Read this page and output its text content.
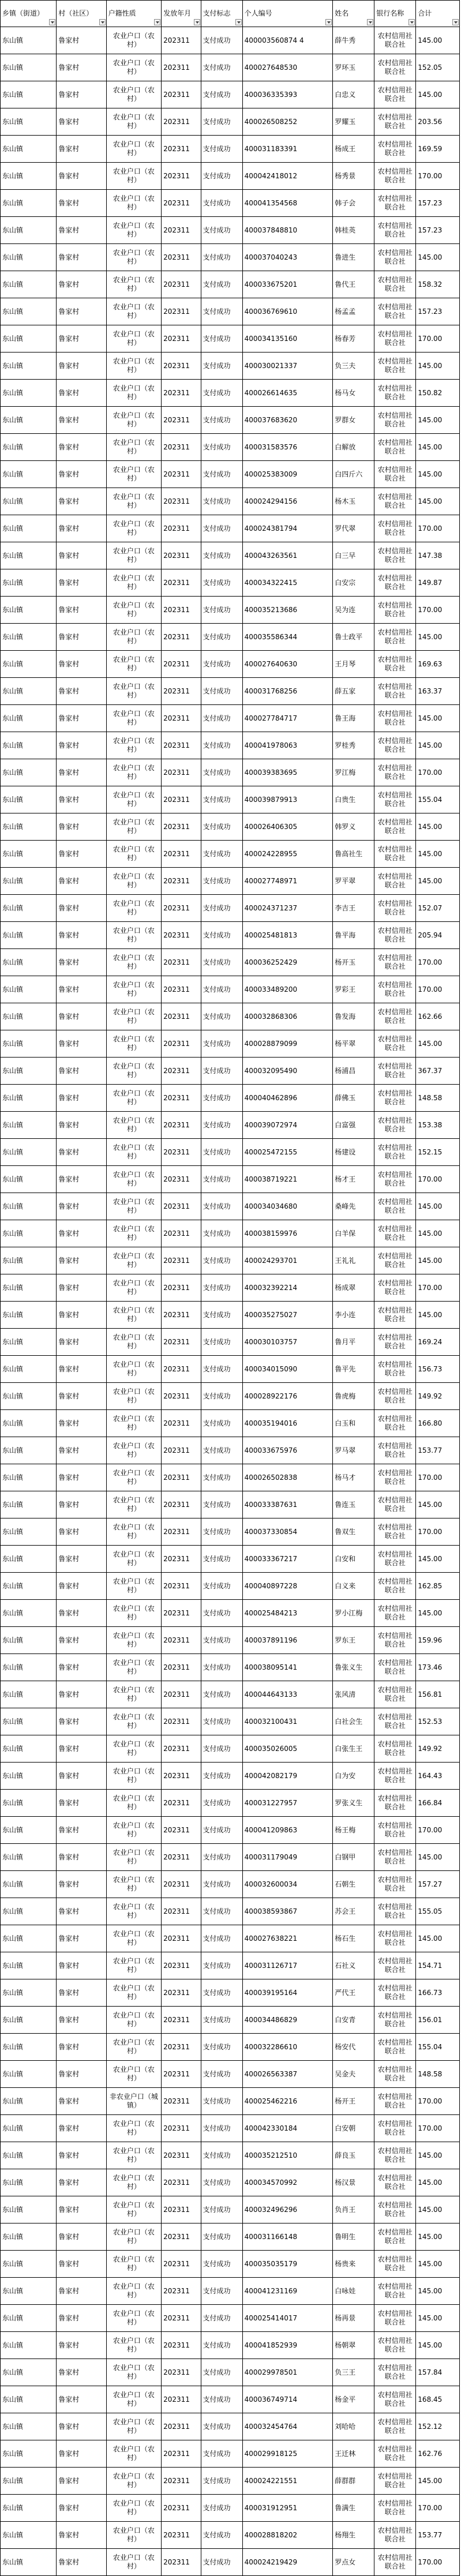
乡镇（街道）	村（社区）	户籍性质	发放年月	支付标志	个人编号	姓名	银行名称	合计

东山镇	鲁家村	农业户口（农村）	202311	支付成功	400003560874 4	薛牛秀	农村信用社联合社	145.00
东山镇	鲁家村	农业户口（农村）	202311	支付成功	400027648530	罗环玉	农村信用社联合社	152.05
东山镇	鲁家村	农业户口（农村）	202311	支付成功	400036335393	白忠义	农村信用社联合社	145.00
东山镇	鲁家村	农业户口（农村）	202311	支付成功	400026508252	罗耀玉	农村信用社联合社	203.56
东山镇	鲁家村	农业户口（农村）	202311	支付成功	400031183391	杨成王	农村信用社联合社	169.59
东山镇	鲁家村	农业户口（农村）	202311	支付成功	400042418012	杨秀景	农村信用社联合社	170.00
东山镇	鲁家村	农业户口（农村）	202311	支付成功	400041354568	韩子会	农村信用社联合社	157.23
东山镇	鲁家村	农业户口（农村）	202311	支付成功	400037848810	韩桂英	农村信用社联合社	157.23
东山镇	鲁家村	农业户口（农村）	202311	支付成功	400037040243	鲁进生	农村信用社联合社	145.00
东山镇	鲁家村	农业户口（农村）	202311	支付成功	400033675201	鲁代王	农村信用社联合社	158.32
东山镇	鲁家村	农业户口（农村）	202311	支付成功	400036769610	杨孟孟	农村信用社联合社	157.23
东山镇	鲁家村	农业户口（农村）	202311	支付成功	400034135160	杨春芳	农村信用社联合社	170.00
东山镇	鲁家村	农业户口（农村）	202311	支付成功	400030021337	负三夫	农村信用社联合社	145.00
东山镇	鲁家村	农业户口（农村）	202311	支付成功	400026614635	杨马女	农村信用社联合社	150.82
东山镇	鲁家村	农业户口（农村）	202311	支付成功	400037683620	罗群女	农村信用社联合社	145.00
东山镇	鲁家村	农业户口（农村）	202311	支付成功	400031583576	白解放	农村信用社联合社	145.00
东山镇	鲁家村	农业户口（农村）	202311	支付成功	400025383009	白四斤六	农村信用社联合社	145.00
东山镇	鲁家村	农业户口（农村）	202311	支付成功	400024294156	杨木玉	农村信用社联合社	145.00
东山镇	鲁家村	农业户口（农村）	202311	支付成功	400024381794	罗代翠	农村信用社联合社	170.00
东山镇	鲁家村	农业户口（农村）	202311	支付成功	400043263561	白三早	农村信用社联合社	147.38
东山镇	鲁家村	农业户口（农村）	202311	支付成功	400034322415	白安宗	农村信用社联合社	149.87
东山镇	鲁家村	农业户口（农村）	202311	支付成功	400035213686	吴为连	农村信用社联合社	170.00
东山镇	鲁家村	农业户口（农村）	202311	支付成功	400035586344	鲁士政平	农村信用社联合社	145.00
东山镇	鲁家村	农业户口（农村）	202311	支付成功	400027640630	王月琴	农村信用社联合社	169.63
东山镇	鲁家村	农业户口（农村）	202311	支付成功	400031768256	薛五家	农村信用社联合社	163.37
东山镇	鲁家村	农业户口（农村）	202311	支付成功	400027784717	鲁王海	农村信用社联合社	145.00
东山镇	鲁家村	农业户口（农村）	202311	支付成功	400041978063	罗桂秀	农村信用社联合社	145.00
东山镇	鲁家村	农业户口（农村）	202311	支付成功	400039383695	罗江梅	农村信用社联合社	170.00
东山镇	鲁家村	农业户口（农村）	202311	支付成功	400039879913	白贵生	农村信用社联合社	155.04
东山镇	鲁家村	农业户口（农村）	202311	支付成功	400026406305	韩罗义	农村信用社联合社	145.00
东山镇	鲁家村	农业户口（农村）	202311	支付成功	400024228955	鲁高社生	农村信用社联合社	145.00
东山镇	鲁家村	农业户口（农村）	202311	支付成功	400027748971	罗平翠	农村信用社联合社	145.00
东山镇	鲁家村	农业户口（农村）	202311	支付成功	400024371237	李吉王	农村信用社联合社	152.07
东山镇	鲁家村	农业户口（农村）	202311	支付成功	400025481813	鲁平海	农村信用社联合社	205.94
东山镇	鲁家村	农业户口（农村）	202311	支付成功	400036252429	杨开玉	农村信用社联合社	170.00
东山镇	鲁家村	农业户口（农村）	202311	支付成功	400033489200	罗彩王	农村信用社联合社	170.00
东山镇	鲁家村	农业户口（农村）	202311	支付成功	400032868306	鲁发海	农村信用社联合社	162.66
东山镇	鲁家村	农业户口（农村）	202311	支付成功	400028879099	杨平翠	农村信用社联合社	145.00
东山镇	鲁家村	农业户口（农村）	202311	支付成功	400032095490	杨浦昌	农村信用社联合社	367.37
东山镇	鲁家村	农业户口（农村）	202311	支付成功	400040462896	薛佛玉	农村信用社联合社	148.58
东山镇	鲁家村	农业户口（农村）	202311	支付成功	400039072974	白富强	农村信用社联合社	153.38
东山镇	鲁家村	农业户口（农村）	202311	支付成功	400025472155	杨建设	农村信用社联合社	152.15
东山镇	鲁家村	农业户口（农村）	202311	支付成功	400038719221	杨才王	农村信用社联合社	170.00
东山镇	鲁家村	农业户口（农村）	202311	支付成功	400034034680	桑峰先	农村信用社联合社	145.00
东山镇	鲁家村	农业户口（农村）	202311	支付成功	400038159976	白羊保	农村信用社联合社	145.00
东山镇	鲁家村	农业户口（农村）	202311	支付成功	400024293701	王礼礼	农村信用社联合社	145.00
东山镇	鲁家村	农业户口（农村）	202311	支付成功	400032392214	杨成翠	农村信用社联合社	170.00
东山镇	鲁家村	农业户口（农村）	202311	支付成功	400035275027	李小连	农村信用社联合社	145.00
东山镇	鲁家村	农业户口（农村）	202311	支付成功	400030103757	鲁月平	农村信用社联合社	169.24
东山镇	鲁家村	农业户口（农村）	202311	支付成功	400034015090	鲁平先	农村信用社联合社	156.73
东山镇	鲁家村	农业户口（农村）	202311	支付成功	400028922176	鲁虎梅	农村信用社联合社	149.92
东山镇	鲁家村	农业户口（农村）	202311	支付成功	400035194016	白玉和	农村信用社联合社	166.80
东山镇	鲁家村	农业户口（农村）	202311	支付成功	400033675976	罗马翠	农村信用社联合社	153.77
东山镇	鲁家村	农业户口（农村）	202311	支付成功	400026502838	杨马才	农村信用社联合社	170.00
东山镇	鲁家村	农业户口（农村）	202311	支付成功	400033387631	鲁连玉	农村信用社联合社	145.00
东山镇	鲁家村	农业户口（农村）	202311	支付成功	400037330854	鲁双生	农村信用社联合社	170.00
东山镇	鲁家村	农业户口（农村）	202311	支付成功	400033367217	白安和	农村信用社联合社	145.00
东山镇	鲁家村	农业户口（农村）	202311	支付成功	400040897228	白义来	农村信用社联合社	162.85
东山镇	鲁家村	农业户口（农村）	202311	支付成功	400025484213	罗小江梅	农村信用社联合社	145.00
东山镇	鲁家村	农业户口（农村）	202311	支付成功	400037891196	罗东王	农村信用社联合社	159.96
东山镇	鲁家村	农业户口（农村）	202311	支付成功	400038095141	鲁张义生	农村信用社联合社	173.46
东山镇	鲁家村	农业户口（农村）	202311	支付成功	400044643133	张风清	农村信用社联合社	156.81
东山镇	鲁家村	农业户口（农村）	202311	支付成功	400032100431	白社会生	农村信用社联合社	152.53
东山镇	鲁家村	农业户口（农村）	202311	支付成功	400035026005	白张生王	农村信用社联合社	149.92
东山镇	鲁家村	农业户口（农村）	202311	支付成功	400042082179	白为安	农村信用社联合社	164.43
东山镇	鲁家村	农业户口（农村）	202311	支付成功	400031227957	罗张义生	农村信用社联合社	166.84
东山镇	鲁家村	农业户口（农村）	202311	支付成功	400041209863	杨王梅	农村信用社联合社	170.00
东山镇	鲁家村	农业户口（农村）	202311	支付成功	400031179049	白钢甲	农村信用社联合社	145.00
东山镇	鲁家村	农业户口（农村）	202311	支付成功	400032600034	石朝生	农村信用社联合社	157.27
东山镇	鲁家村	农业户口（农村）	202311	支付成功	400038593867	苏会王	农村信用社联合社	155.05
东山镇	鲁家村	农业户口（农村）	202311	支付成功	400027638221	杨石生	农村信用社联合社	145.00
东山镇	鲁家村	农业户口（农村）	202311	支付成功	400031126717	石社义	农村信用社联合社	154.71
东山镇	鲁家村	农业户口（农村）	202311	支付成功	400039195164	严代王	农村信用社联合社	166.73
东山镇	鲁家村	农业户口（农村）	202311	支付成功	400034486829	白安青	农村信用社联合社	156.01
东山镇	鲁家村	农业户口（农村）	202311	支付成功	400032286610	杨安代	农村信用社联合社	155.04
东山镇	鲁家村	农业户口（农村）	202311	支付成功	400026563387	吴金夫	农村信用社联合社	148.58
东山镇	鲁家村	非农业户口（城镇）	202311	支付成功	400025462216	杨开王	农村信用社联合社	170.00
东山镇	鲁家村	农业户口（农村）	202311	支付成功	400042330184	白安朝	农村信用社联合社	170.00
东山镇	鲁家村	农业户口（农村）	202311	支付成功	400035212510	薛良玉	农村信用社联合社	145.00
东山镇	鲁家村	农业户口（农村）	202311	支付成功	400034570992	杨汉景	农村信用社联合社	145.00
东山镇	鲁家村	农业户口（农村）	202311	支付成功	400032496296	负肖王	农村信用社联合社	145.00
东山镇	鲁家村	农业户口（农村）	202311	支付成功	400031166148	鲁明生	农村信用社联合社	145.00
东山镇	鲁家村	农业户口（农村）	202311	支付成功	400035035179	杨贵来	农村信用社联合社	145.00
东山镇	鲁家村	农业户口（农村）	202311	支付成功	400041231169	白咏娃	农村信用社联合社	145.00
东山镇	鲁家村	农业户口（农村）	202311	支付成功	400025414017	杨再景	农村信用社联合社	145.00
东山镇	鲁家村	农业户口（农村）	202311	支付成功	400041852939	杨朝翠	农村信用社联合社	145.00
东山镇	鲁家村	农业户口（农村）	202311	支付成功	400029978501	负三王	农村信用社联合社	157.84
东山镇	鲁家村	农业户口（农村）	202311	支付成功	400036749714	杨金平	农村信用社联合社	168.45
东山镇	鲁家村	农业户口（农村）	202311	支付成功	400032454764	刘哈哈	农村信用社联合社	152.12
东山镇	鲁家村	农业户口（农村）	202311	支付成功	400029918125	王迁林	农村信用社联合社	162.76
东山镇	鲁家村	农业户口（农村）	202311	支付成功	400024221551	薛群群	农村信用社联合社	145.00
东山镇	鲁家村	农业户口（农村）	202311	支付成功	400031912951	鲁满生	农村信用社联合社	170.00
东山镇	鲁家村	农业户口（农村）	202311	支付成功	400028818202	杨翔生	农村信用社联合社	153.77
东山镇	鲁家村	农业户口（农村）	202311	支付成功	400024219429	罗点女	农村信用社联合社	170.00
